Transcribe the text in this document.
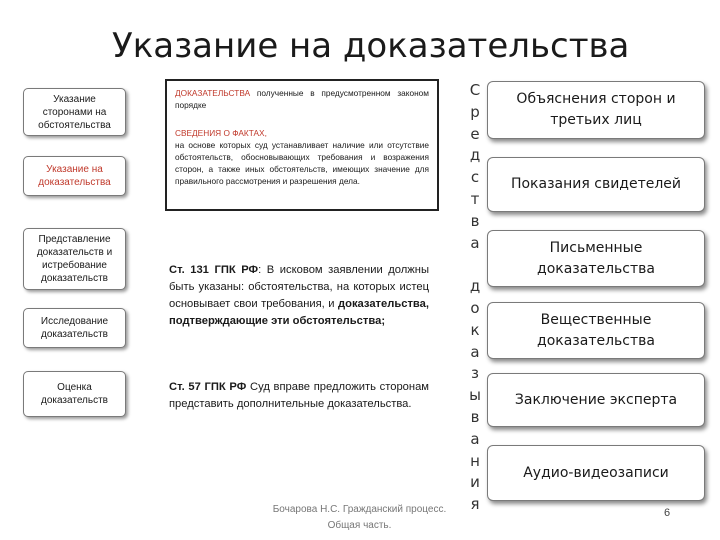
Указание на доказательства
Указание сторонами на обстоятельства
Указание на доказательства
Представление доказательств и истребование доказательств
Исследование доказательств
Оценка доказательств

ДОКАЗАТЕЛЬСТВА полученные в предусмотренном законом порядке

СВЕДЕНИЯ О ФАКТАХ,
на основе которых суд устанавливает наличие или отсутствие обстоятельств, обосновывающих требования и возражения сторон, а также иных обстоятельств, имеющих значение для правильного рассмотрения и разрешения дела.

Ст. 131 ГПК РФ: В исковом заявлении должны быть указаны: обстоятельства, на которых истец основывает свои требования, и доказательства, подтверждающие эти обстоятельства;
Ст. 57 ГПК РФ Суд вправе предложить сторонам представить дополнительные доказательства.
Бочарова Н.С. Гражданский процесс.
Общая часть.
С
р
е
д
с
т
в
а
д
о
к
а
з
ы
в
а
н
и
я
Объяснения сторон и третьих лиц
Показания свидетелей
Письменные доказательства
Вещественные доказательства
Заключение эксперта
Аудио-видеозаписи
6
